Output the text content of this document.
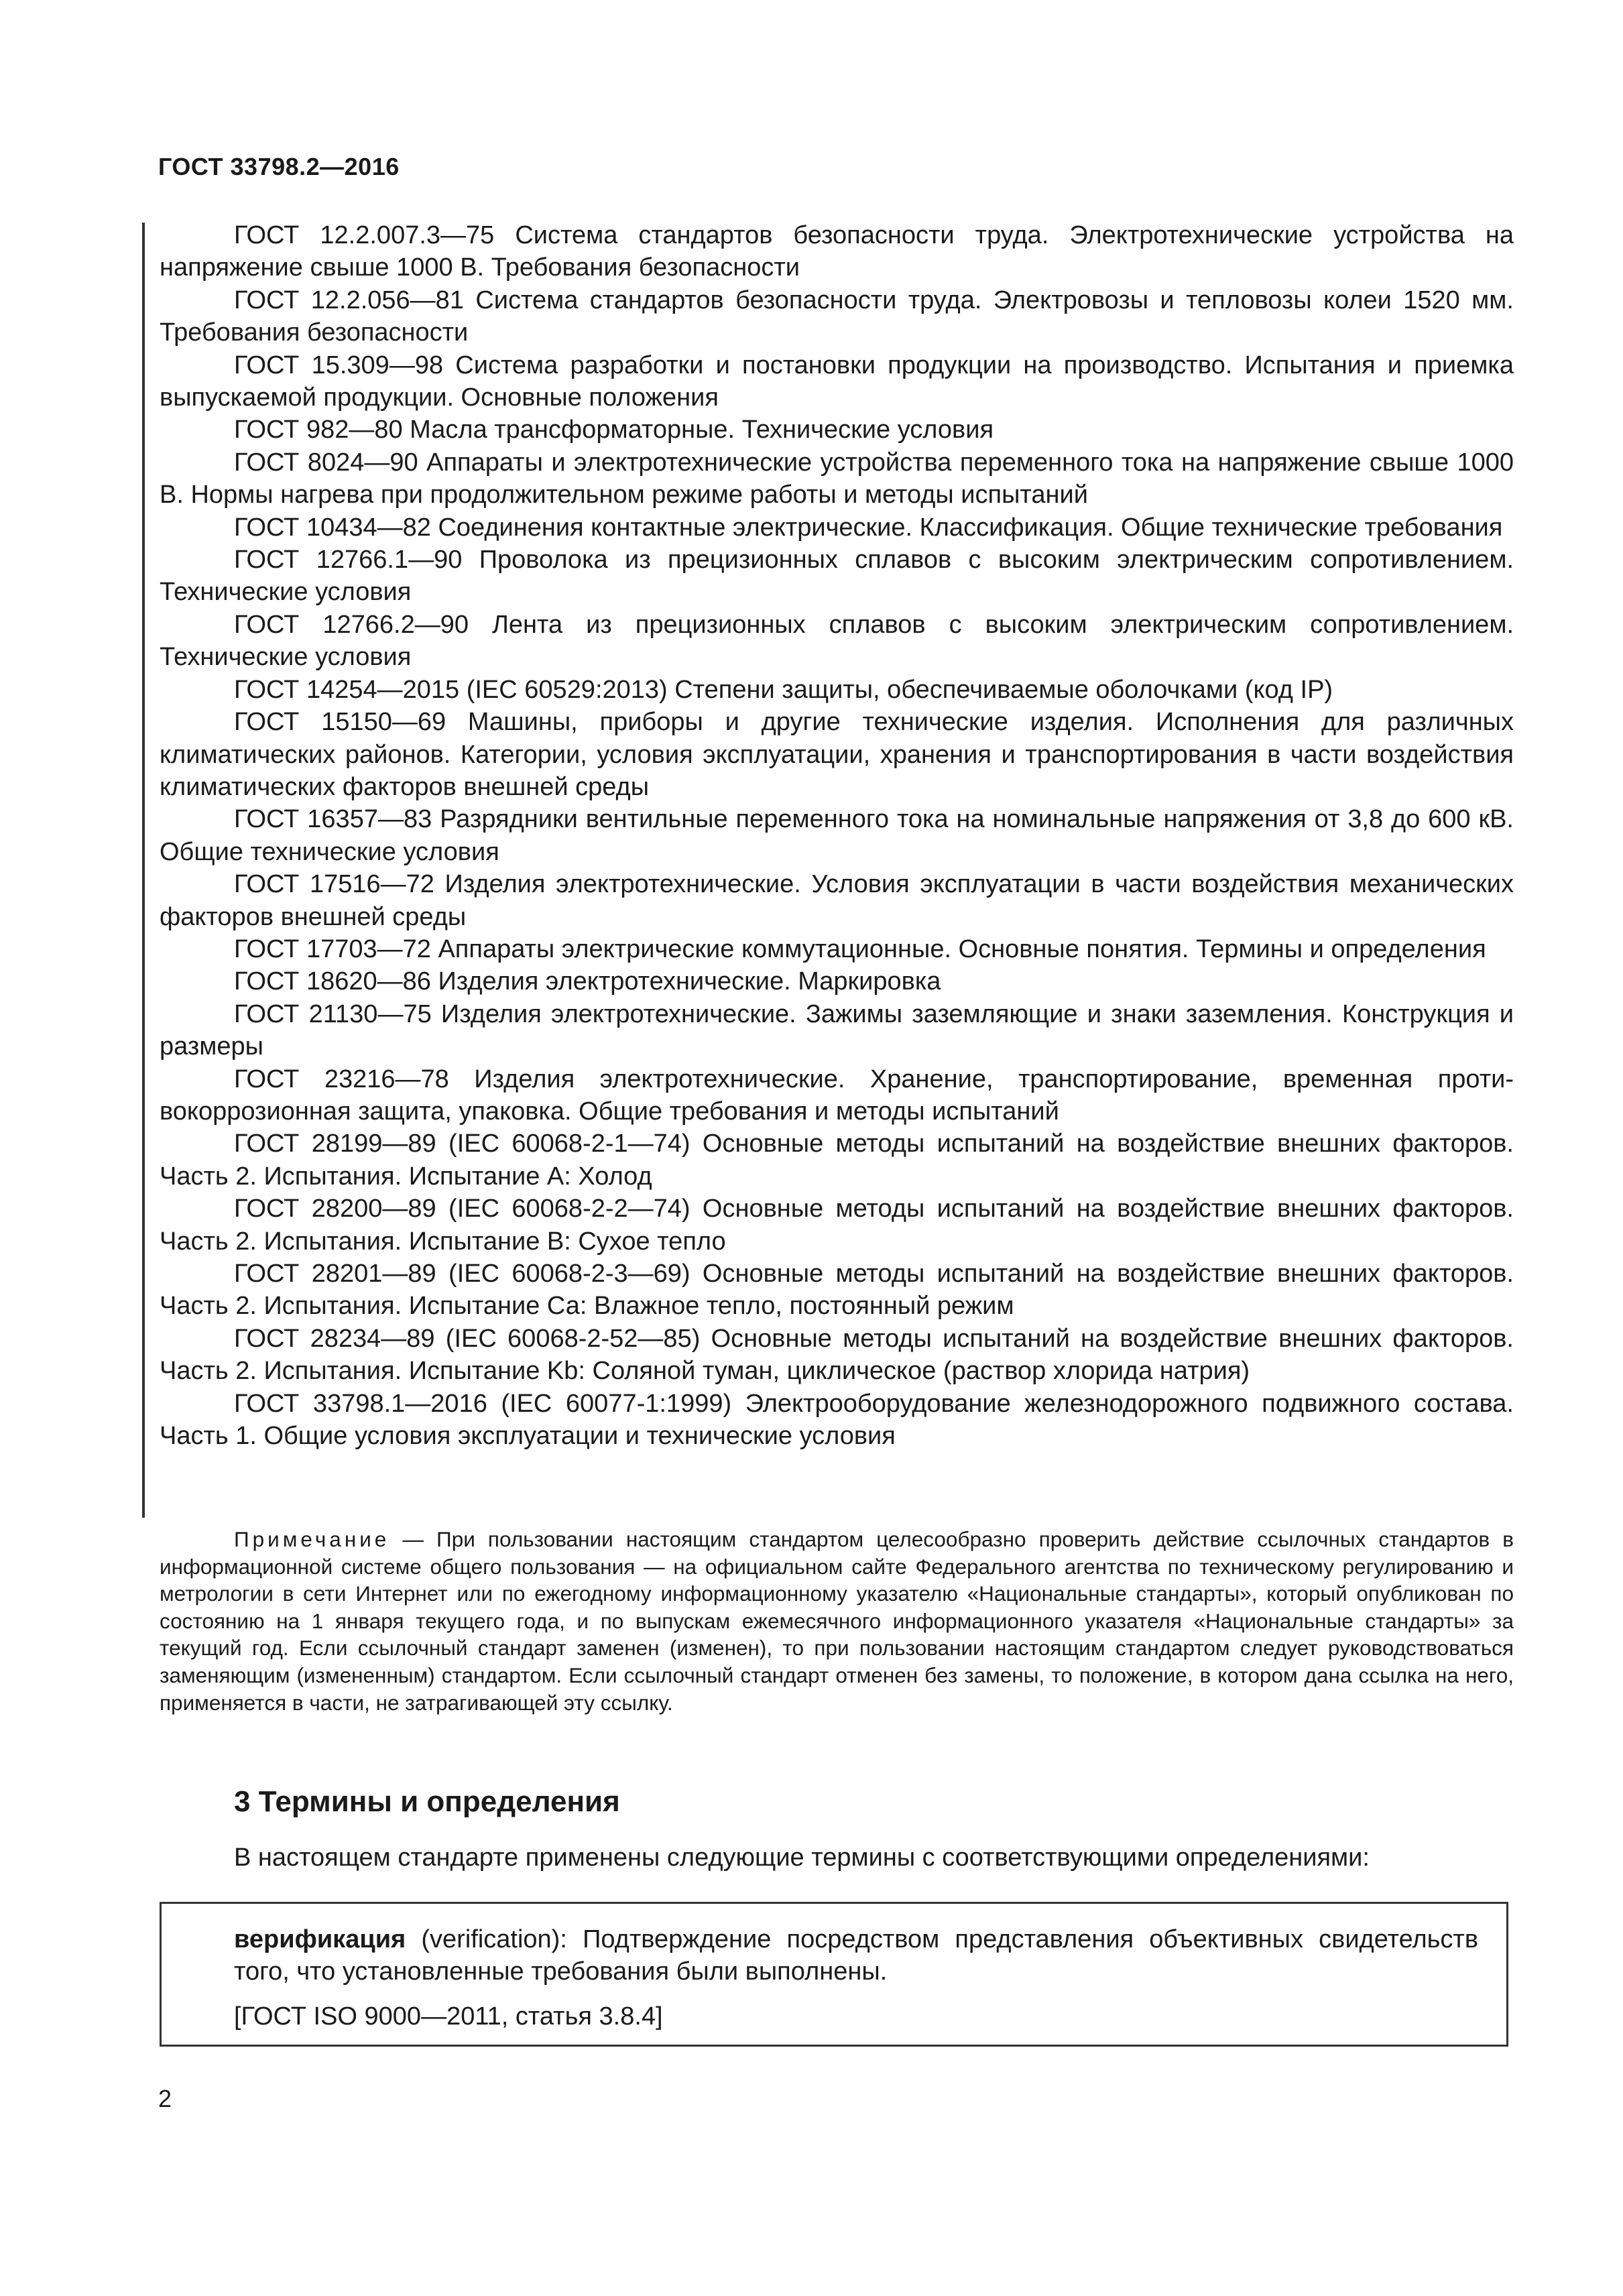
ГОСТ 33798.2—2016

ГОСТ 12.2.007.3—75 Система стандартов безопасности труда. Электротехнические устройства на напряжение свыше 1000 В. Требования безопасности

ГОСТ 12.2.056—81 Система стандартов безопасности труда. Электровозы и тепловозы колеи 1520 мм. Требования безопасности

ГОСТ 15.309—98 Система разработки и постановки продукции на производство. Испытания и приемка выпускаемой продукции. Основные положения

ГОСТ 982—80 Масла трансформаторные. Технические условия

ГОСТ 8024—90 Аппараты и электротехнические устройства переменного тока на напряжение свыше 1000 В. Нормы нагрева при продолжительном режиме работы и методы испытаний

ГОСТ 10434—82 Соединения контактные электрические. Классификация. Общие технические требования

ГОСТ 12766.1—90 Проволока из прецизионных сплавов с высоким электрическим сопротивлением. Технические условия

ГОСТ 12766.2—90 Лента из прецизионных сплавов с высоким электрическим сопротивлением. Технические условия

ГОСТ 14254—2015 (IEC 60529:2013) Степени защиты, обеспечиваемые оболочками (код IP)

ГОСТ 15150—69 Машины, приборы и другие технические изделия. Исполнения для различных климатических районов. Категории, условия эксплуатации, хранения и транспортирования в части воздействия климатических факторов внешней среды

ГОСТ 16357—83 Разрядники вентильные переменного тока на номинальные напряжения от 3,8 до 600 кВ. Общие технические условия

ГОСТ 17516—72 Изделия электротехнические. Условия эксплуатации в части воздействия механических факторов внешней среды

ГОСТ 17703—72 Аппараты электрические коммутационные. Основные понятия. Термины и определения

ГОСТ 18620—86 Изделия электротехнические. Маркировка

ГОСТ 21130—75 Изделия электротехнические. Зажимы заземляющие и знаки заземления. Конструкция и размеры

ГОСТ 23216—78 Изделия электротехнические. Хранение, транспортирование, временная противокоррозионная защита, упаковка. Общие требования и методы испытаний

ГОСТ 28199—89 (IEC 60068-2-1—74) Основные методы испытаний на воздействие внешних факторов. Часть 2. Испытания. Испытание А: Холод

ГОСТ 28200—89 (IEC 60068-2-2—74) Основные методы испытаний на воздействие внешних факторов. Часть 2. Испытания. Испытание В: Сухое тепло

ГОСТ 28201—89 (IEC 60068-2-3—69) Основные методы испытаний на воздействие внешних факторов. Часть 2. Испытания. Испытание Са: Влажное тепло, постоянный режим

ГОСТ 28234—89 (IEC 60068-2-52—85) Основные методы испытаний на воздействие внешних факторов. Часть 2. Испытания. Испытание Kb: Соляной туман, циклическое (раствор хлорида натрия)

ГОСТ 33798.1—2016 (IEC 60077-1:1999) Электрооборудование железнодорожного подвижного состава. Часть 1. Общие условия эксплуатации и технические условия

Примечание — При пользовании настоящим стандартом целесообразно проверить действие ссылочных стандартов в информационной системе общего пользования — на официальном сайте Федерального агентства по техническому регулированию и метрологии в сети Интернет или по ежегодному информационному указателю «Национальные стандарты», который опубликован по состоянию на 1 января текущего года, и по выпускам ежемесячного информационного указателя «Национальные стандарты» за текущий год. Если ссылочный стандарт заменен (изменен), то при пользовании настоящим стандартом следует руководствоваться заменяющим (измененным) стандартом. Если ссылочный стандарт отменен без замены, то положение, в котором дана ссылка на него, применяется в части, не затрагивающей эту ссылку.

3 Термины и определения

В настоящем стандарте применены следующие термины с соответствующими определениями:

верификация (verification): Подтверждение посредством представления объективных свидетельств того, что установленные требования были выполнены.

[ГОСТ ISO 9000—2011, статья 3.8.4]

2
